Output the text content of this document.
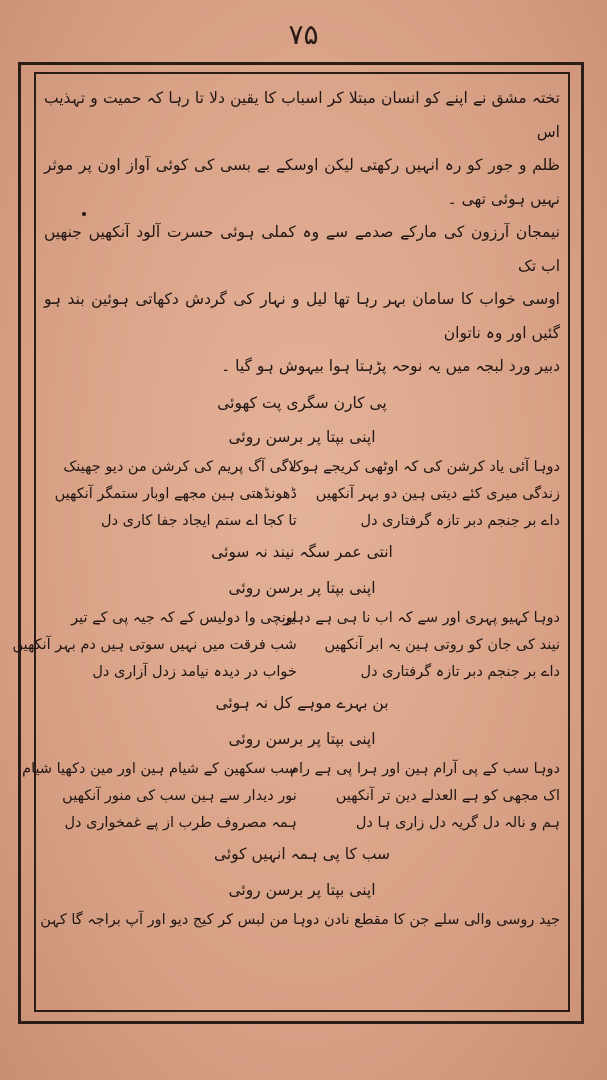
۷۵

تختہ مشق نے اپنے کو انسان مبتلا کر اسباب کا یقین دلا تا رہا کہ حمیت و تہذیب اس

ظلم و جور کو رہ انہیں رکھتی لیکن اوسکے بے بسی کی کوئی آواز اون پر موثر نہیں ہوئی تھی ۔

نیمجان آرزون کی مارکے صدمے سے وہ کملی ہوئی حسرت آلود آنکھیں جنھیں اب تک

اوسی خواب کا سامان بہر رہا تھا لیل و نہار کی گردش دکھاتی ہوئین بند ہو گئیں اور وہ ناتوان

دبیر ورد لبجہ میں یہ نوحہ پڑہتا ہوا بیہوش ہو گیا ۔

پی کارن سگری پت کھوئی
اپنی بپتا پر برسن روئی
دوہا آئی یاد کرشن کی کہ اوٹھی کریجے ہوک
لاگی آگ پریم کی کرشن من دیو جھینک
زندگی میری کئے دیتی ہین دو بہر آنکھیں
ڈھونڈھتی ہین مجھے اوبار ستمگر آنکھیں
داے بر جنجم دبر تازہ گرفتاری دل
تا کجا اے ستم ایجاد جفا کاری دل
انتی عمر سگہ نیند نہ سوئی
اپنی بپتا پر برسن روئی
دوہا کہیو پہری اور سے کہ اب نا ہی ہے دہیر
اونچی وا دولیس کے کہ جیہ پی کے تیر
نیند کی جان کو روتی ہین یہ ابر آنکھیں
شب فرقت میں نہیں سوتی ہیں دم بہر آنکھیں
داے بر جنجم دبر تازہ گرفتاری دل
خواب در دیدہ نیامد زدل آزاری دل
بن بہرے موہے کل نہ ہوئی
اپنی بپتا پر برسن روئی
دوہا سب کے پی آرام ہین اور ہرا پی ہے رام
سب سکھین کے شیام ہین اور مین دکھیا شیام
اک مجھی کو ہے العدلے دین تر آنکھیں
نور دیدار سے ہین سب کی منور آنکھیں
ہم و نالہ دل گریہ دل زاری ہا دل
ہمہ مصروف طرب از پے غمخواری دل
سب کا پی ہمہ انہیں کوئی
اپنی بپتا پر برسن روئی
جید روسی والی سلے جن کا مقطع نادن دوہا من لبس کر کیج دیو اور آپ براجہ گا کہن
